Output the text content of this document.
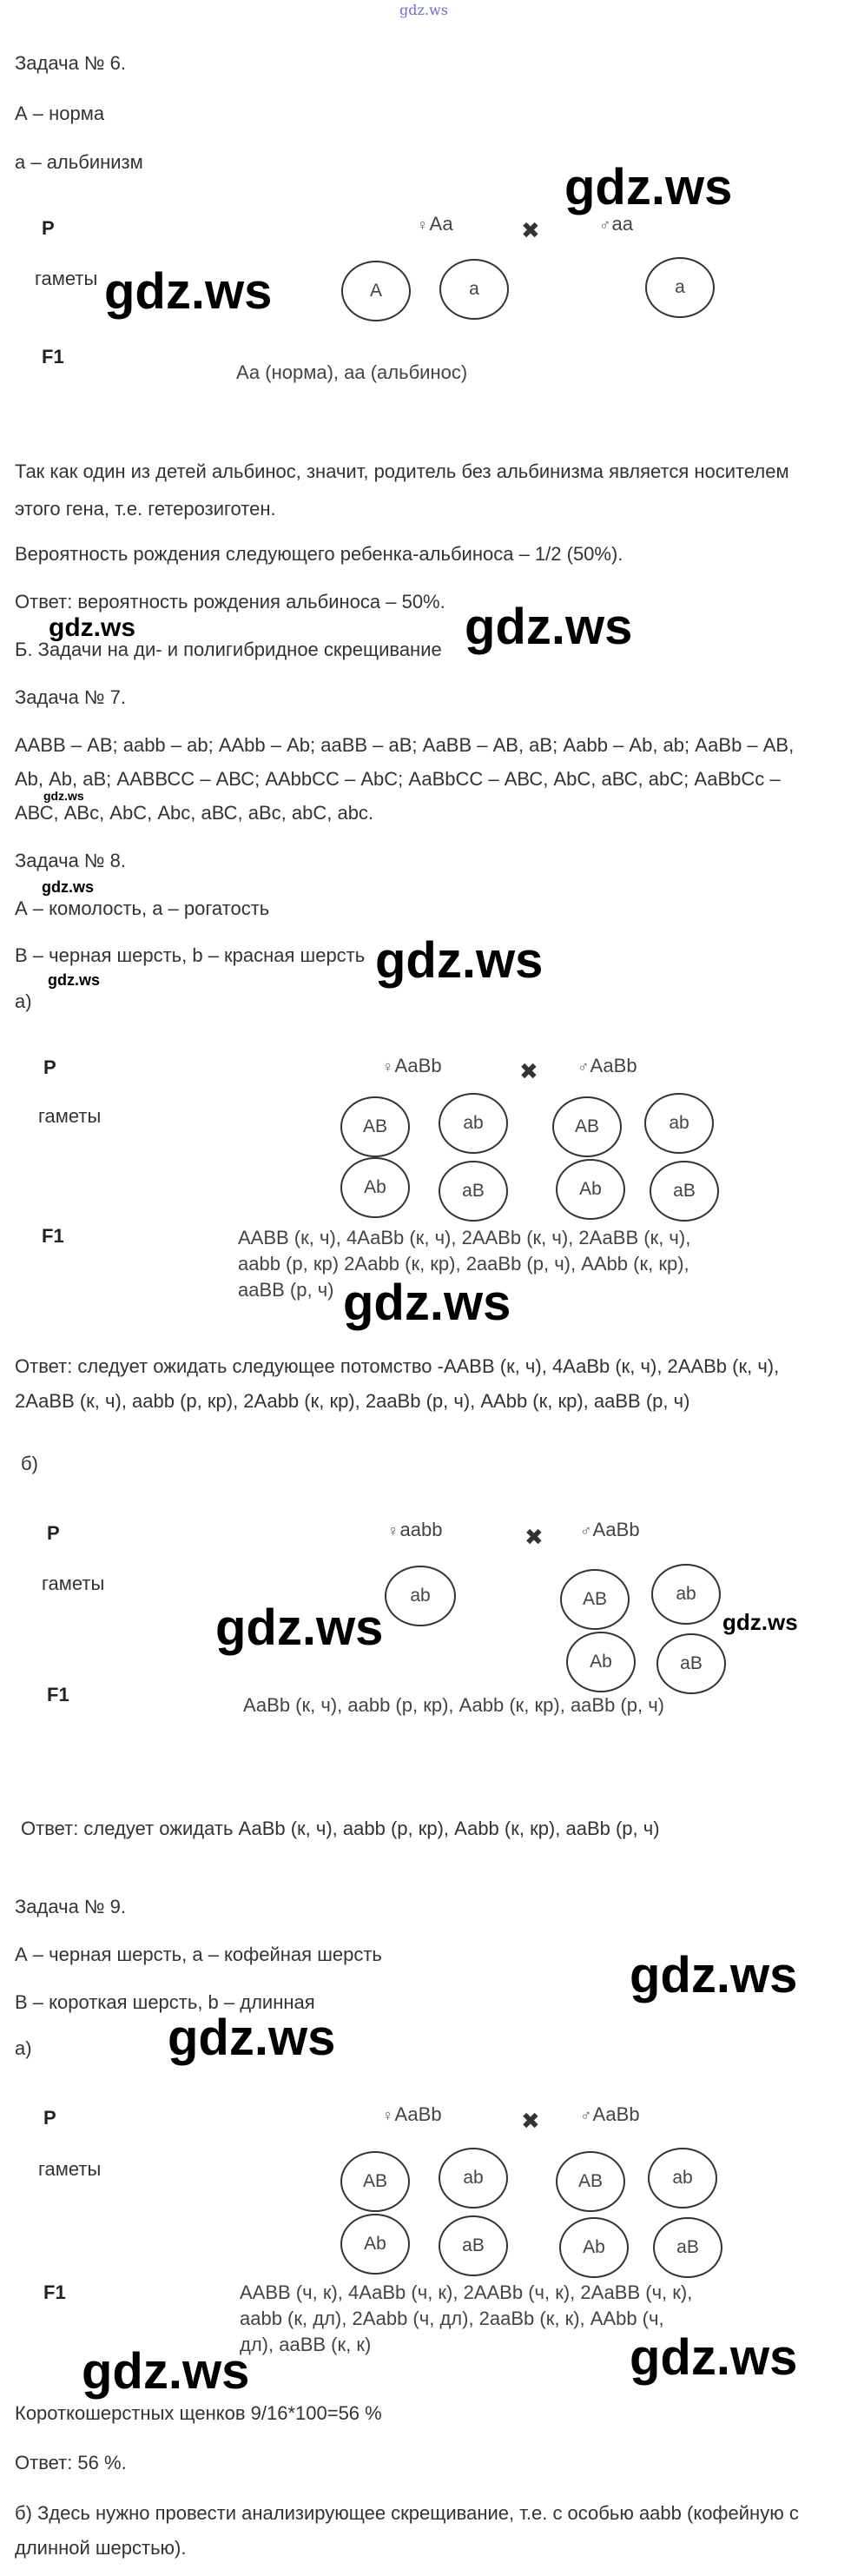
gdz.ws
Задача № 6.
А – норма
а – альбинизм	gdz.ws
P	♀Аа	✖	♂аа
гаметы gdz.ws	А	а	а
F1
Аа (норма), аа (альбинос)
Так как один из детей альбинос, значит, родитель без альбинизма является носителем
этого гена, т.е. гетерозиготен.
Вероятность рождения следующего ребенка-альбиноса – 1/2 (50%).
Ответ: вероятность рождения альбиноса – 50%.
gdz.ws	gdz.ws
Б. Задачи на ди- и полигибридное скрещивание
Задача № 7.
ААВВ – АВ; ааbb – аb; ААbb – Аb; ааВВ – аВ; АаВВ – АВ, аВ; Ааbb – Аb, аb; АаВb – АВ,
Аb, Аb, аВ; ААВВСС – АВС; ААbbСС – АbС; АаВbСС – АВС, АbС, аВС, аbС; АаВbСс –
gdz.ws
АВС, АВс, АbС, Аbс, аВС, аВс, аbС, аbс.
Задача № 8.
gdz.ws
А – комолость, а – рогатость
В – черная шерсть, b – красная шерсть gdz.ws
gdz.ws
а)
P	♀АаBb	✖	♂АаBb
гаметы	АВ	аb	АВ	аb
Аb	аВ	Аb	аВ
F1	ААВВ (к, ч), 4АаВb (к, ч), 2ААВb (к, ч), 2АаВВ (к, ч),
ааbb (р, кр) 2Ааbb (к, кр), 2ааВb (р, ч), ААbb (к, кр),
ааВВ (р, ч) gdz.ws
Ответ: следует ожидать следующее потомство -ААВВ (к, ч), 4АаВb (к, ч), 2ААВb (к, ч),
2АаВВ (к, ч), ааbb (р, кр), 2Ааbb (к, кр), 2ааВb (р, ч), ААbb (к, кр), ааВВ (р, ч)
б)
P	♀ааbb	✖ ♂АаBb
гаметы
аb	АВ	аb
Аb	аВ
gdz.ws	gdz.ws
F1	АаВb (к, ч), ааbb (р, кр), Ааbb (к, кр), ааВb (р, ч)
Ответ: следует ожидать АаВb (к, ч), ааbb (р, кр), Ааbb (к, кр), ааВb (р, ч)
Задача № 9.
А – черная шерсть, а – кофейная шерсть	gdz.ws
В – короткая шерсть, b – длинная
а)	gdz.ws
P	♀АаВb	✖	♂АаВb
гаметы
АВ	аb	АВ	аb
Аb	аВ	Аb	аВ
F1	ААВВ (ч, к), 4АаВb (ч, к), 2ААВb (ч, к), 2АаВВ (ч, к),
ааbb (к, дл), 2Ааbb (ч, дл), 2ааВb (к, к), ААbb (ч,
дл), ааВВ (к, к)
gdz.ws	gdz.ws
Короткошерстных щенков 9/16*100=56 %
Ответ: 56 %.
б) Здесь нужно провести анализирующее скрещивание, т.е. с особью ааbb (кофейную с
длинной шерстью).
